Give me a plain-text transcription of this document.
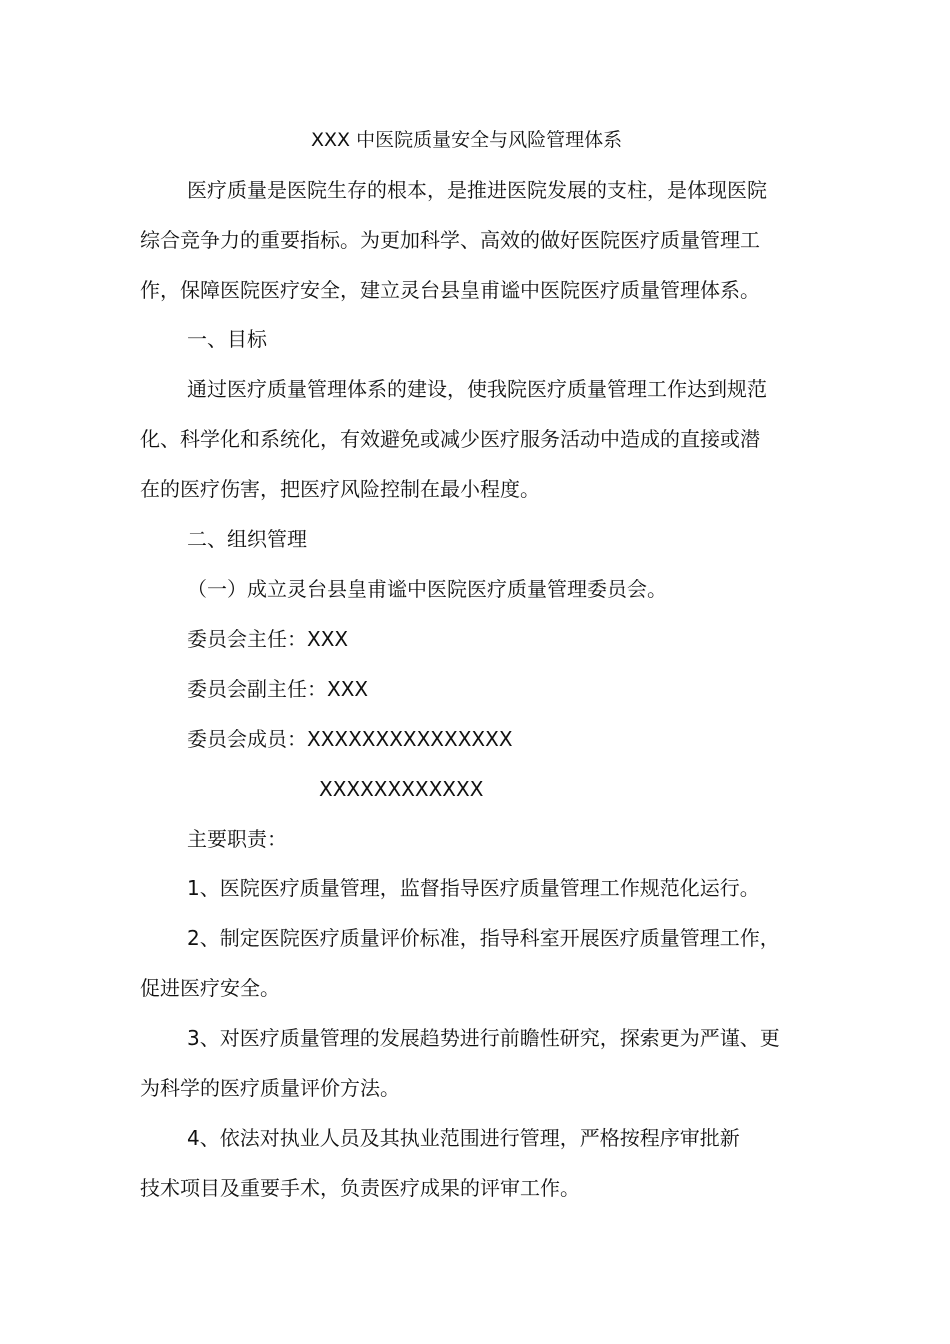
XXX 中医院质量安全与风险管理体系
医疗质量是医院生存的根本，是推进医院发展的支柱，是体现医院
综合竞争力的重要指标。为更加科学、高效的做好医院医疗质量管理工
作，保障医院医疗安全，建立灵台县皇甫谧中医院医疗质量管理体系。
一、目标
通过医疗质量管理体系的建设，使我院医疗质量管理工作达到规范
化、科学化和系统化，有效避免或减少医疗服务活动中造成的直接或潜
在的医疗伤害，把医疗风险控制在最小程度。
二、组织管理
（一）成立灵台县皇甫谧中医院医疗质量管理委员会。
委员会主任：XXX
委员会副主任：XXX
委员会成员：XXXXXXXXXXXXXXX
XXXXXXXXXXXX
主要职责：
1、医院医疗质量管理，监督指导医疗质量管理工作规范化运行。
2、制定医院医疗质量评价标准，指导科室开展医疗质量管理工作，
促进医疗安全。
3、对医疗质量管理的发展趋势进行前瞻性研究，探索更为严谨、更
为科学的医疗质量评价方法。
4、依法对执业人员及其执业范围进行管理，严格按程序审批新
技术项目及重要手术，负责医疗成果的评审工作。
